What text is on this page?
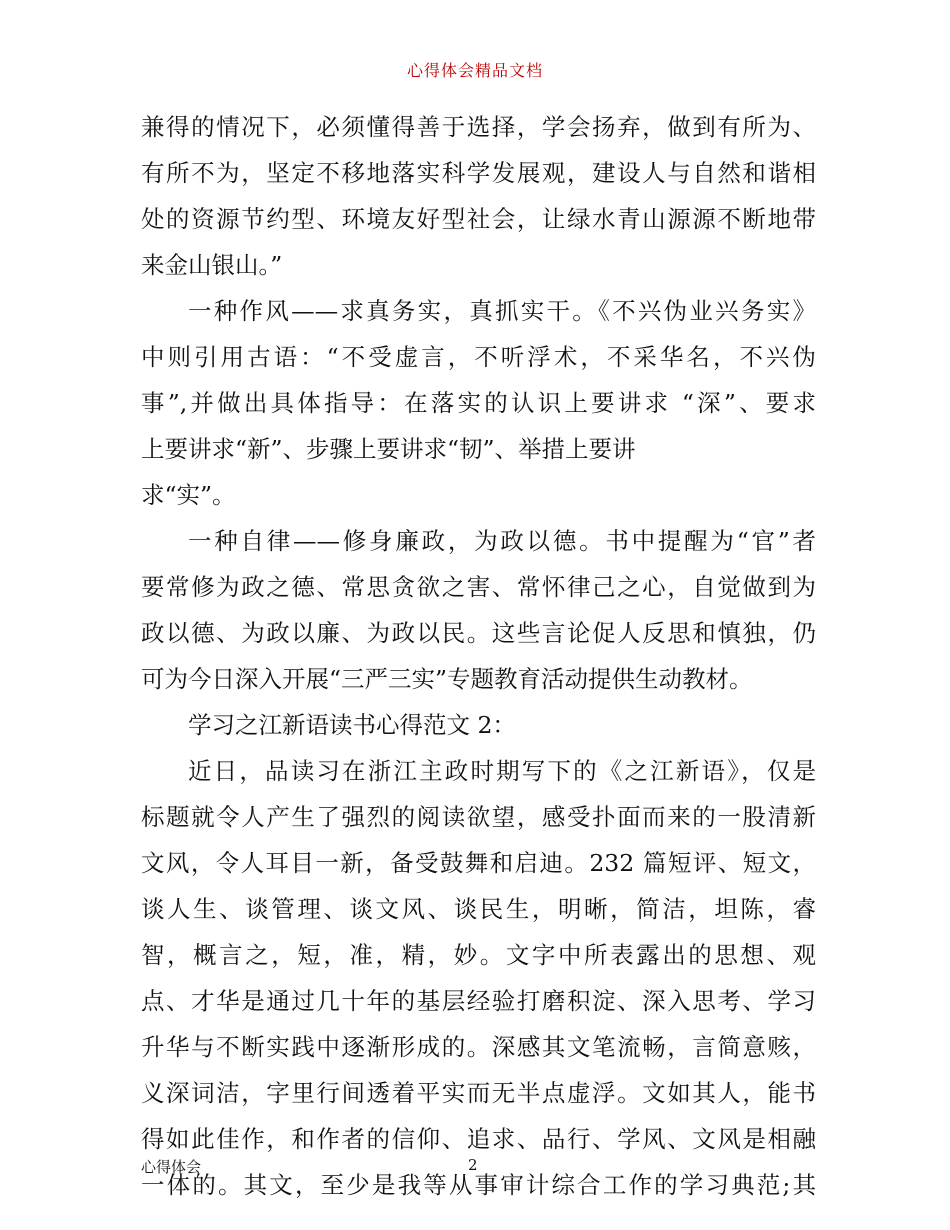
心得体会精品文档
兼得的情况下，必须懂得善于选择，学会扬弃，做到有所为、
有所不为，坚定不移地落实科学发展观，建设人与自然和谐相
处的资源节约型、环境友好型社会，让绿水青山源源不断地带
来金山银山。”
一种作风——求真务实，真抓实干。《不兴伪业兴务实》
中则引用古语：“不受虚言，不听浮术，不采华名，不兴伪
事”,并做出具体指导：在落实的认识上要讲求 “深”、要求
上要讲求“新”、步骤上要讲求“韧”、举措上要讲
求“实”。
一种自律——修身廉政，为政以德。书中提醒为“官”者
要常修为政之德、常思贪欲之害、常怀律己之心，自觉做到为
政以德、为政以廉、为政以民。这些言论促人反思和慎独，仍
可为今日深入开展“三严三实”专题教育活动提供生动教材。
学习之江新语读书心得范文 2：
近日，品读习在浙江主政时期写下的《之江新语》，仅是
标题就令人产生了强烈的阅读欲望，感受扑面而来的一股清新
文风，令人耳目一新，备受鼓舞和启迪。232 篇短评、短文，
谈人生、谈管理、谈文风、谈民生，明晰，简洁，坦陈，睿
智，概言之，短，准，精，妙。文字中所表露出的思想、观
点、才华是通过几十年的基层经验打磨积淀、深入思考、学习
升华与不断实践中逐渐形成的。深感其文笔流畅，言简意赅，
义深词洁，字里行间透着平实而无半点虚浮。文如其人，能书
得如此佳作，和作者的信仰、追求、品行、学风、文风是相融
一体的。其文，至少是我等从事审计综合工作的学习典范;其
心得体会	2
